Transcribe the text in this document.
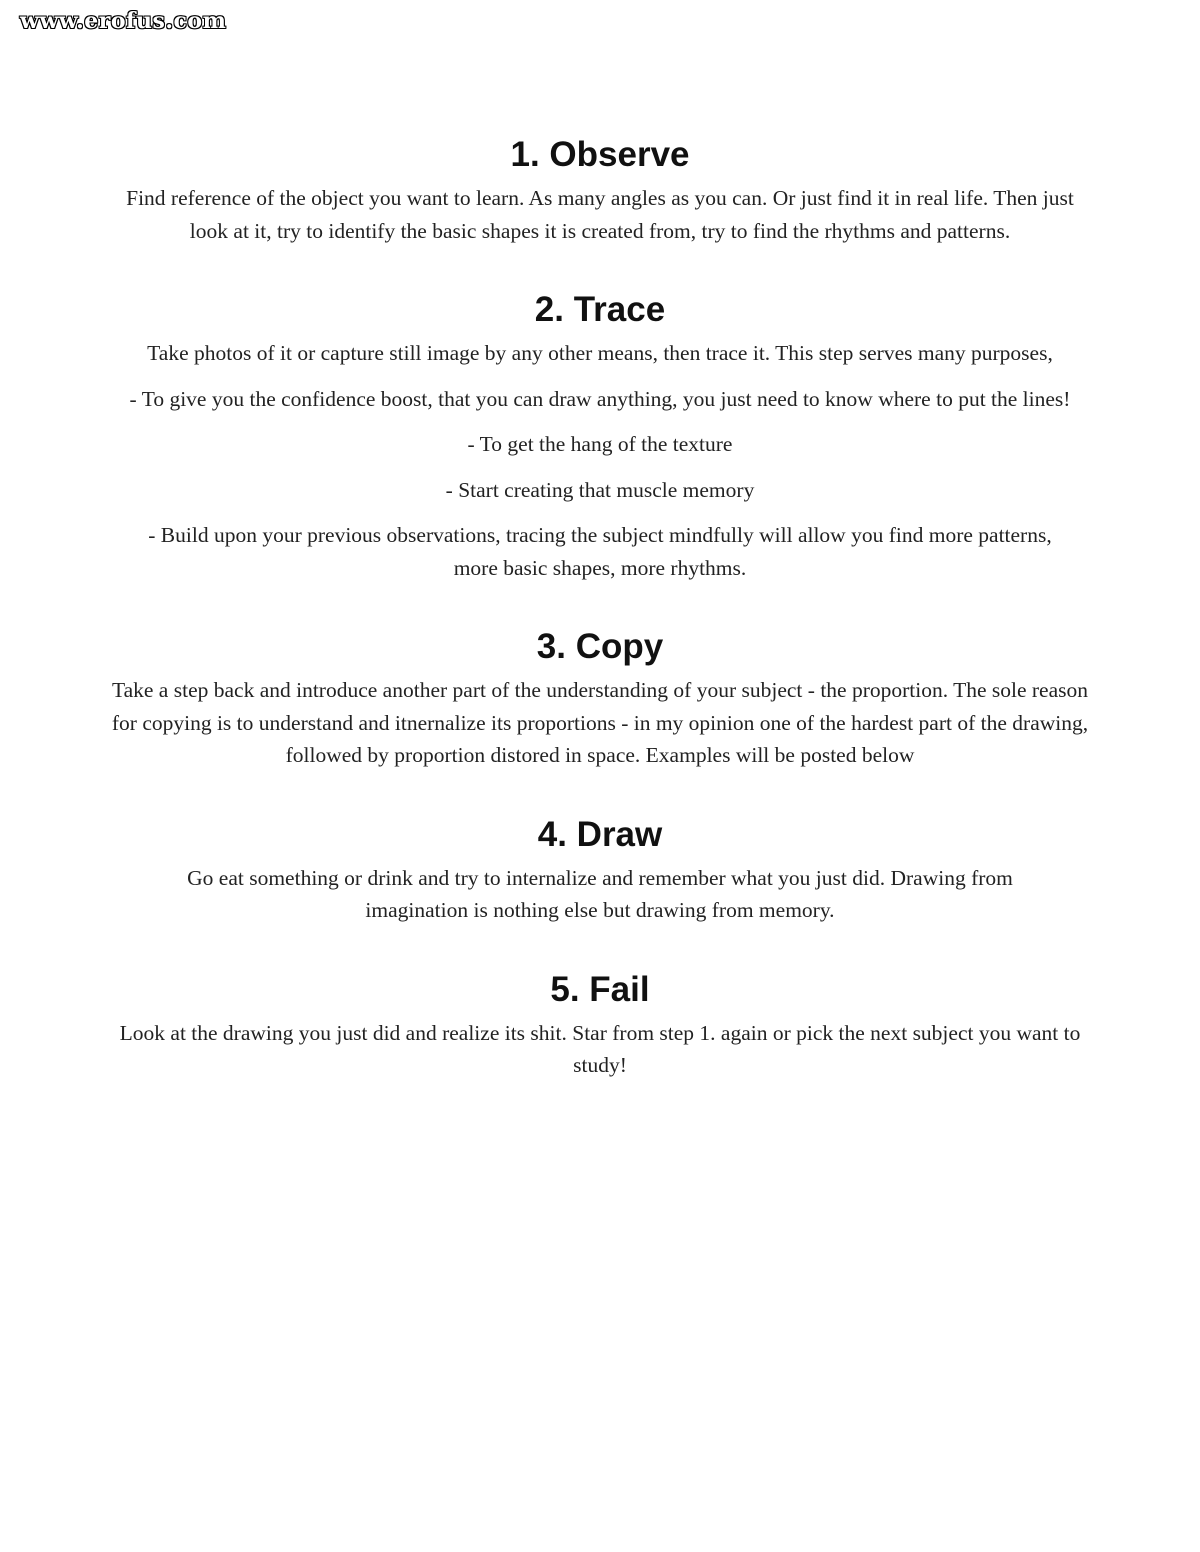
www.erofus.com
1. Observe

Find reference of the object you want to learn. As many angles as you can. Or just find it in real life. Then just look at it, try to identify the basic shapes it is created from, try to find the rhythms and patterns.

2. Trace

Take photos of it or capture still image by any other means, then trace it. This step serves many purposes,

- To give you the confidence boost, that you can draw anything, you just need to know where to put the lines!

- To get the hang of the texture

- Start creating that muscle memory

- Build upon your previous observations, tracing the subject mindfully will allow you find more patterns, more basic shapes, more rhythms.

3. Copy

Take a step back and introduce another part of the understanding of your subject - the proportion. The sole reason for copying is to understand and itnernalize its proportions - in my opinion one of the hardest part of the drawing, followed by proportion distored in space. Examples will be posted below

4. Draw

Go eat something or drink and try to internalize and remember what you just did. Drawing from imagination is nothing else but drawing from memory.

5. Fail

Look at the drawing you just did and realize its shit. Star from step 1. again or pick the next subject you want to study!
